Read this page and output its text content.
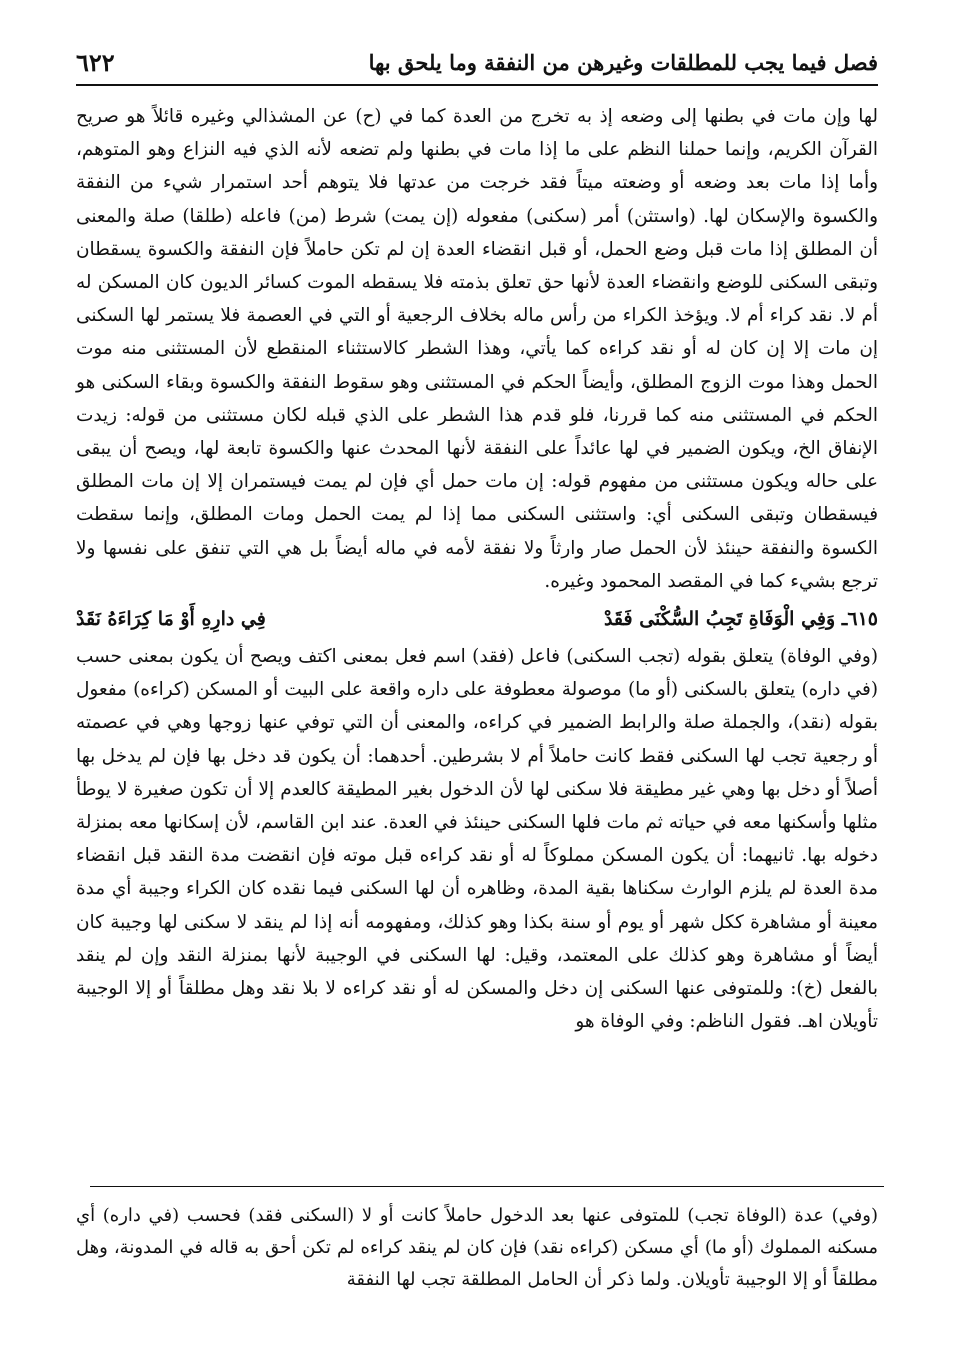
٦٢٢	فصل فيما يجب للمطلقات وغيرهن من النفقة وما يلحق بها

لها وإن مات في بطنها إلى وضعه إذ به تخرج من العدة كما في (ح) عن المشذالي وغيره قائلاً هو صريح القرآن الكريم، وإنما حملنا النظم على ما إذا مات في بطنها ولم تضعه لأنه الذي فيه النزاع وهو المتوهم، وأما إذا مات بعد وضعه أو وضعته ميتاً فقد خرجت من عدتها فلا يتوهم أحد استمرار شيء من النفقة والكسوة والإسكان لها. (واستثن) أمر (سكنى) مفعوله (إن يمت) شرط (من) فاعله (طلقا) صلة والمعنى أن المطلق إذا مات قبل وضع الحمل، أو قبل انقضاء العدة إن لم تكن حاملاً فإن النفقة والكسوة يسقطان وتبقى السكنى للوضع وانقضاء العدة لأنها حق تعلق بذمته فلا يسقطه الموت كسائر الديون كان المسكن له أم لا. نقد كراء أم لا. ويؤخذ الكراء من رأس ماله بخلاف الرجعية أو التي في العصمة فلا يستمر لها السكنى إن مات إلا إن كان له أو نقد كراءه كما يأتي، وهذا الشطر كالاستثناء المنقطع لأن المستثنى منه موت الحمل وهذا موت الزوج المطلق، وأيضاً الحكم في المستثنى وهو سقوط النفقة والكسوة وبقاء السكنى هو الحكم في المستثنى منه كما قررنا، فلو قدم هذا الشطر على الذي قبله لكان مستثنى من قوله: زيدت الإنفاق الخ، ويكون الضمير في لها عائداً على النفقة لأنها المحدث عنها والكسوة تابعة لها، ويصح أن يبقى على حاله ويكون مستثنى من مفهوم قوله: إن مات حمل أي فإن لم يمت فيستمران إلا إن مات المطلق فيسقطان وتبقى السكنى أي: واستثنى السكنى مما إذا لم يمت الحمل ومات المطلق، وإنما سقطت الكسوة والنفقة حينئذ لأن الحمل صار وارثاً ولا نفقة لأمه في ماله أيضاً بل هي التي تنفق على نفسها ولا ترجع بشيء كما في المقصد المحمود وغيره.

٦١٥ـ وَفِي الْوَفَاةِ تَجِبُ السُّكْنَى فَقَدْ
فِي دارِهِ أَوْ مَا كِرَاءَهُ نَقَدْ

(وفي الوفاة) يتعلق بقوله (تجب السكنى) فاعل (فقد) اسم فعل بمعنى اكتف ويصح أن يكون بمعنى حسب (في داره) يتعلق بالسكنى (أو ما) موصولة معطوفة على داره واقعة على البيت أو المسكن (كراءه) مفعول بقوله (نقد)، والجملة صلة والرابط الضمير في كراءه، والمعنى أن التي توفي عنها زوجها وهي في عصمته أو رجعية تجب لها السكنى فقط كانت حاملاً أم لا بشرطين. أحدهما: أن يكون قد دخل بها فإن لم يدخل بها أصلاً أو دخل بها وهي غير مطيقة فلا سكنى لها لأن الدخول بغير المطيقة كالعدم إلا أن تكون صغيرة لا يوطأ مثلها وأسكنها معه في حياته ثم مات فلها السكنى حينئذ في العدة. عند ابن القاسم، لأن إسكانها معه بمنزلة دخوله بها. ثانيهما: أن يكون المسكن مملوكاً له أو نقد كراءه قبل موته فإن انقضت مدة النقد قبل انقضاء مدة العدة لم يلزم الوارث سكناها بقية المدة، وظاهره أن لها السكنى فيما نقده كان الكراء وجيبة أي مدة معينة أو مشاهرة ككل شهر أو يوم أو سنة بكذا وهو كذلك، ومفهومه أنه إذا لم ينقد لا سكنى لها وجيبة كان أيضاً أو مشاهرة وهو كذلك على المعتمد، وقيل: لها السكنى في الوجيبة لأنها بمنزلة النقد وإن لم ينقد بالفعل (خ): وللمتوفى عنها السكنى إن دخل والمسكن له أو نقد كراءه لا بلا نقد وهل مطلقاً أو إلا الوجيبة تأويلان اهـ. فقول الناظم: وفي الوفاة هو

(وفي) عدة (الوفاة تجب) للمتوفى عنها بعد الدخول حاملاً كانت أو لا (السكنى فقد) فحسب (في داره) أي مسكنه المملوك (أو ما) أي مسكن (كراءه نقد) فإن كان لم ينقد كراءه لم تكن أحق به قاله في المدونة، وهل مطلقاً أو إلا الوجيبة تأويلان. ولما ذكر أن الحامل المطلقة تجب لها النفقة
